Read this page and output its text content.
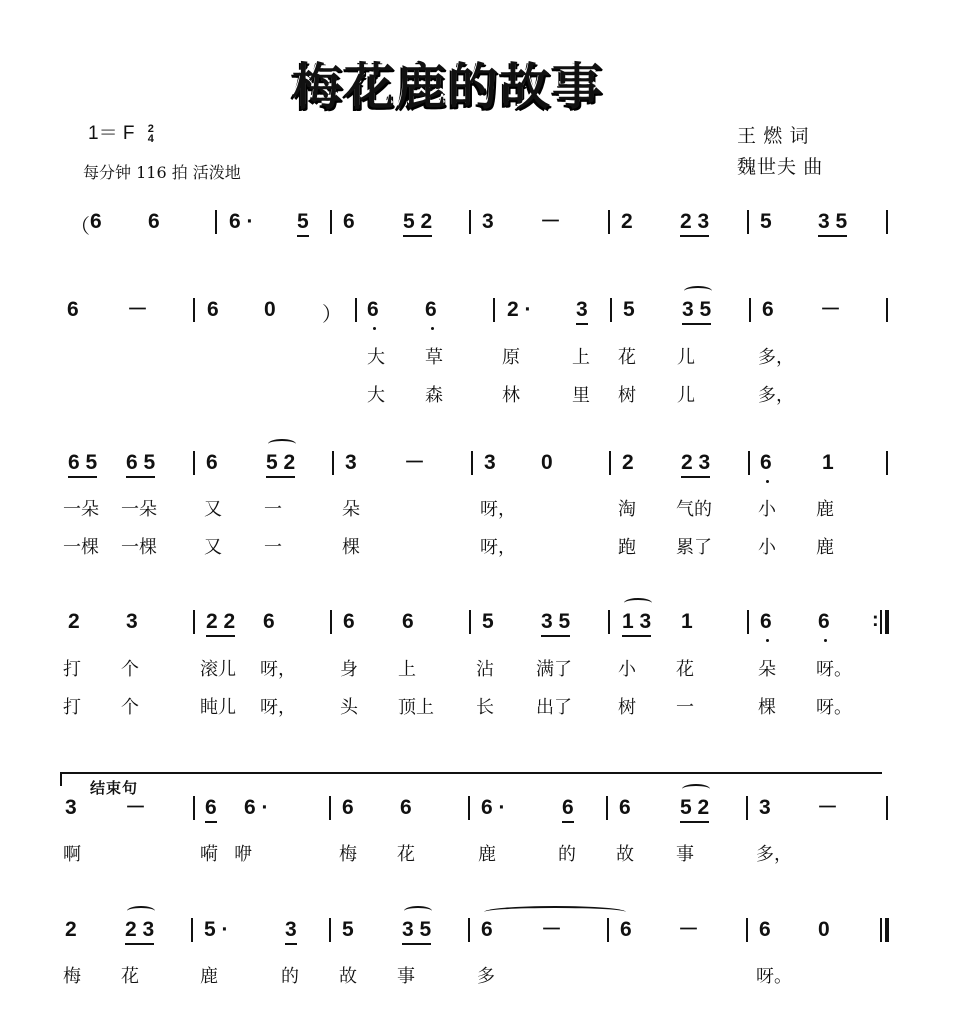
梅花鹿的故事
1＝ F 2
4
每分钟 116 拍 活泼地
王 燃 词
魏世夫 曲
（ 6 6	6 · 5 6 5 2 3 －	2 2 3 5 3 5
6 －	6 0 ） 6 6	2 · 3 5 3 5 6 －
大 草	原	上 花 儿	多，
大 森	林	里 树 儿	多，
6 5 6 5 6 5 2 3 －	3 0	2 2 3 6 1
一朵 一朵	又 一	朵	呀，	淘 气的	小 鹿
一棵 一棵	又 一	棵	呀，	跑 累了	小 鹿
2 3	2 2 6	6 6	5 3 5 1 3 1	6 6 :
打 个	滚儿 呀， 身 上	沾 满了	小 花	朵 呀。
打 个	盹儿 呀， 头 顶上 长 出了	树 一	棵 呀。
结束句
3 －	6 6 ·	6 6	6 ·	6 6 5 2 3 －
啊	嗬 咿	梅 花	鹿	的 故 事	多，
2 2 3 5 ·	3 5 3 5 6 －	6 －	6 0
梅 花	鹿	的 故 事	多	呀。
